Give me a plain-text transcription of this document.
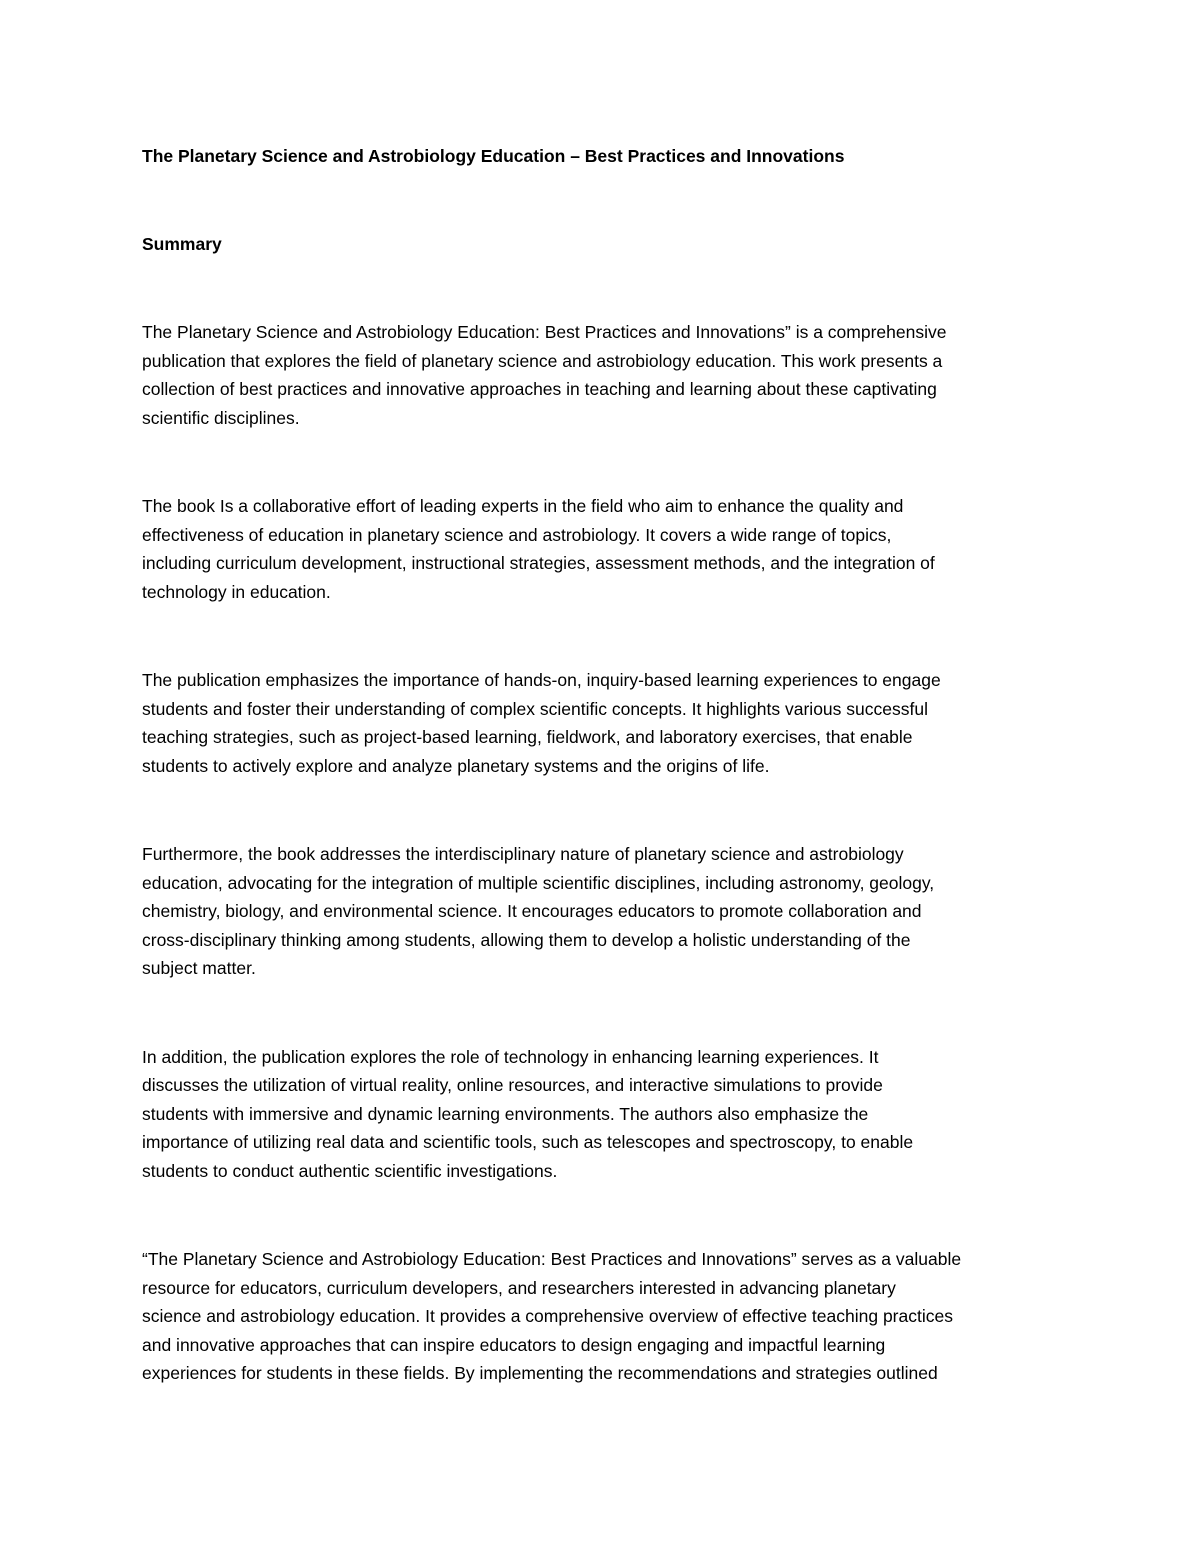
The Planetary Science and Astrobiology Education – Best Practices and Innovations
Summary

The Planetary Science and Astrobiology Education: Best Practices and Innovations” is a comprehensive
publication that explores the field of planetary science and astrobiology education. This work presents a
collection of best practices and innovative approaches in teaching and learning about these captivating
scientific disciplines.

The book Is a collaborative effort of leading experts in the field who aim to enhance the quality and
effectiveness of education in planetary science and astrobiology. It covers a wide range of topics,
including curriculum development, instructional strategies, assessment methods, and the integration of
technology in education.

The publication emphasizes the importance of hands-on, inquiry-based learning experiences to engage
students and foster their understanding of complex scientific concepts. It highlights various successful
teaching strategies, such as project-based learning, fieldwork, and laboratory exercises, that enable
students to actively explore and analyze planetary systems and the origins of life.

Furthermore, the book addresses the interdisciplinary nature of planetary science and astrobiology
education, advocating for the integration of multiple scientific disciplines, including astronomy, geology,
chemistry, biology, and environmental science. It encourages educators to promote collaboration and
cross-disciplinary thinking among students, allowing them to develop a holistic understanding of the
subject matter.

In addition, the publication explores the role of technology in enhancing learning experiences. It
discusses the utilization of virtual reality, online resources, and interactive simulations to provide
students with immersive and dynamic learning environments. The authors also emphasize the
importance of utilizing real data and scientific tools, such as telescopes and spectroscopy, to enable
students to conduct authentic scientific investigations.

“The Planetary Science and Astrobiology Education: Best Practices and Innovations” serves as a valuable
resource for educators, curriculum developers, and researchers interested in advancing planetary
science and astrobiology education. It provides a comprehensive overview of effective teaching practices
and innovative approaches that can inspire educators to design engaging and impactful learning
experiences for students in these fields. By implementing the recommendations and strategies outlined
